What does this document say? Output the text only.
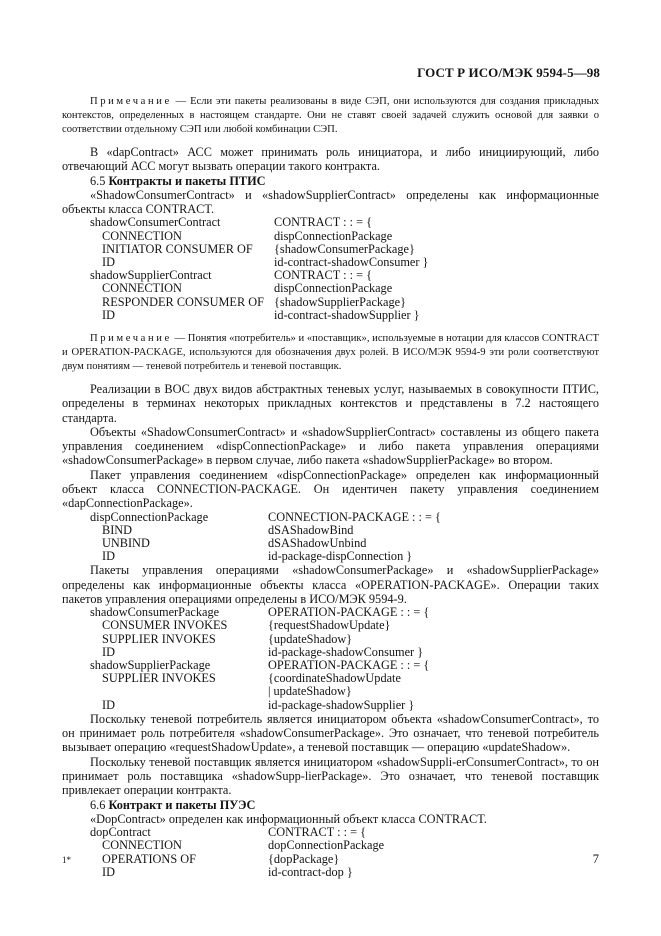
ГОСТ Р ИСО/МЭК 9594-5—98

Примечание — Если эти пакеты реализованы в виде СЭП, они используются для создания прикладных контекстов, определенных в настоящем стандарте. Они не ставят своей задачей служить основой для заявки о соответствии отдельному СЭП или любой комбинации СЭП.

В «dapContract» АСС может принимать роль инициатора, и либо инициирующий, либо отвечающий АСС могут вызвать операции такого контракта.

6.5 Контракты и пакеты ПТИС

«ShadowConsumerContract» и «shadowSupplierContract» определены как информационные объекты класса CONTRACT.

shadowConsumerContract	CONTRACT : : = {
CONNECTION	dispConnectionPackage
INITIATOR CONSUMER OF {shadowConsumerPackage}
ID	id-contract-shadowConsumer }
shadowSupplierContract	CONTRACT : : = {
CONNECTION	dispConnectionPackage
RESPONDER CONSUMER OF {shadowSupplierPackage}
ID	id-contract-shadowSupplier }

Примечание — Понятия «потребитель» и «поставщик», используемые в нотации для классов CONTRACT и OPERATION-PACKAGE, используются для обозначения двух ролей. В ИСО/МЭК 9594-9 эти роли соответствуют двум понятиям — теневой потребитель и теневой поставщик.

Реализации в ВОС двух видов абстрактных теневых услуг, называемых в совокупности ПТИС, определены в терминах некоторых прикладных контекстов и представлены в 7.2 настоящего стандарта.

Объекты «ShadowConsumerContract» и «shadowSupplierContract» составлены из общего пакета управления соединением «dispConnectionPackage» и либо пакета управления операциями «shadowConsumerPackage» в первом случае, либо пакета «shadowSupplierPackage» во втором.

Пакет управления соединением «dispConnectionPackage» определен как информационный объект класса CONNECTION-PACKAGE. Он идентичен пакету управления соединением «dapConnectionPackage».

dispConnectionPackage	CONNECTION-PACKAGE : : = {
BIND	dSAShadowBind
UNBIND	dSAShadowUnbind
ID	id-package-dispConnection }

Пакеты управления операциями «shadowConsumerPackage» и «shadowSupplierPackage» определены как информационные объекты класса «OPERATION-PACKAGE». Операции таких пакетов управления операциями определены в ИСО/МЭК 9594-9.

shadowConsumerPackage	OPERATION-PACKAGE : : = {
CONSUMER INVOKES	{requestShadowUpdate}
SUPPLIER INVOKES	{updateShadow}
ID	id-package-shadowConsumer }
shadowSupplierPackage	OPERATION-PACKAGE : : = {
SUPPLIER INVOKES	{coordinateShadowUpdate
| updateShadow}
ID	id-package-shadowSupplier }

Поскольку теневой потребитель является инициатором объекта «shadowConsumerContract», то он принимает роль потребителя «shadowConsumerPackage». Это означает, что теневой потребитель вызывает операцию «requestShadowUpdate», а теневой поставщик — операцию «updateShadow».

Поскольку теневой поставщик является инициатором «shadowSuppli-erConsumerContract», то он принимает роль поставщика «shadowSupp-lierPackage». Это означает, что теневой поставщик привлекает операции контракта.

6.6 Контракт и пакеты ПУЭС

«DopContract» определен как информационный объект класса CONTRACT.

dopContract	CONTRACT : : = {
CONNECTION	dopConnectionPackage
OPERATIONS OF	{dopPackage}
ID	id-contract-dop }
1*	7
